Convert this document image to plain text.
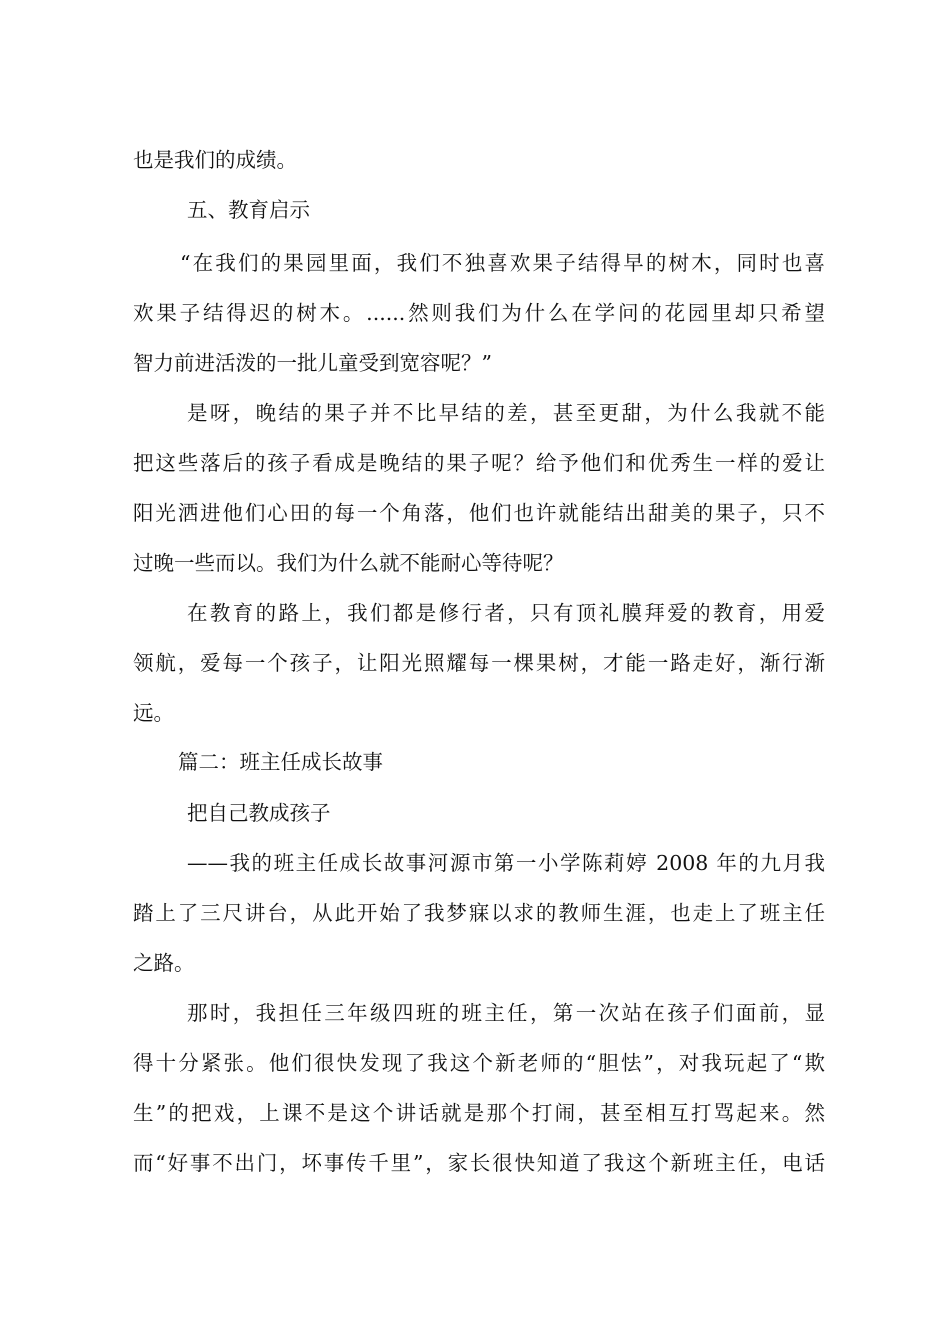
也是我们的成绩。
五、教育启示
“在我们的果园里面，我们不独喜欢果子结得早的树木，同时也喜
欢果子结得迟的树木。......然则我们为什么在学问的花园里却只希望
智力前进活泼的一批儿童受到宽容呢？”
是呀，晚结的果子并不比早结的差，甚至更甜，为什么我就不能
把这些落后的孩子看成是晚结的果子呢？给予他们和优秀生一样的爱让
阳光洒进他们心田的每一个角落，他们也许就能结出甜美的果子，只不
过晚一些而以。我们为什么就不能耐心等待呢？
在教育的路上，我们都是修行者，只有顶礼膜拜爱的教育，用爱
领航，爱每一个孩子，让阳光照耀每一棵果树，才能一路走好，渐行渐
远。
篇二：班主任成长故事
把自己教成孩子
——我的班主任成长故事河源市第一小学陈莉婷 2008 年的九月我
踏上了三尺讲台，从此开始了我梦寐以求的教师生涯，也走上了班主任
之路。
那时，我担任三年级四班的班主任，第一次站在孩子们面前，显
得十分紧张。他们很快发现了我这个新老师的“胆怯”，对我玩起了“欺
生”的把戏，上课不是这个讲话就是那个打闹，甚至相互打骂起来。然
而“好事不出门，坏事传千里”，家长很快知道了我这个新班主任，电话
